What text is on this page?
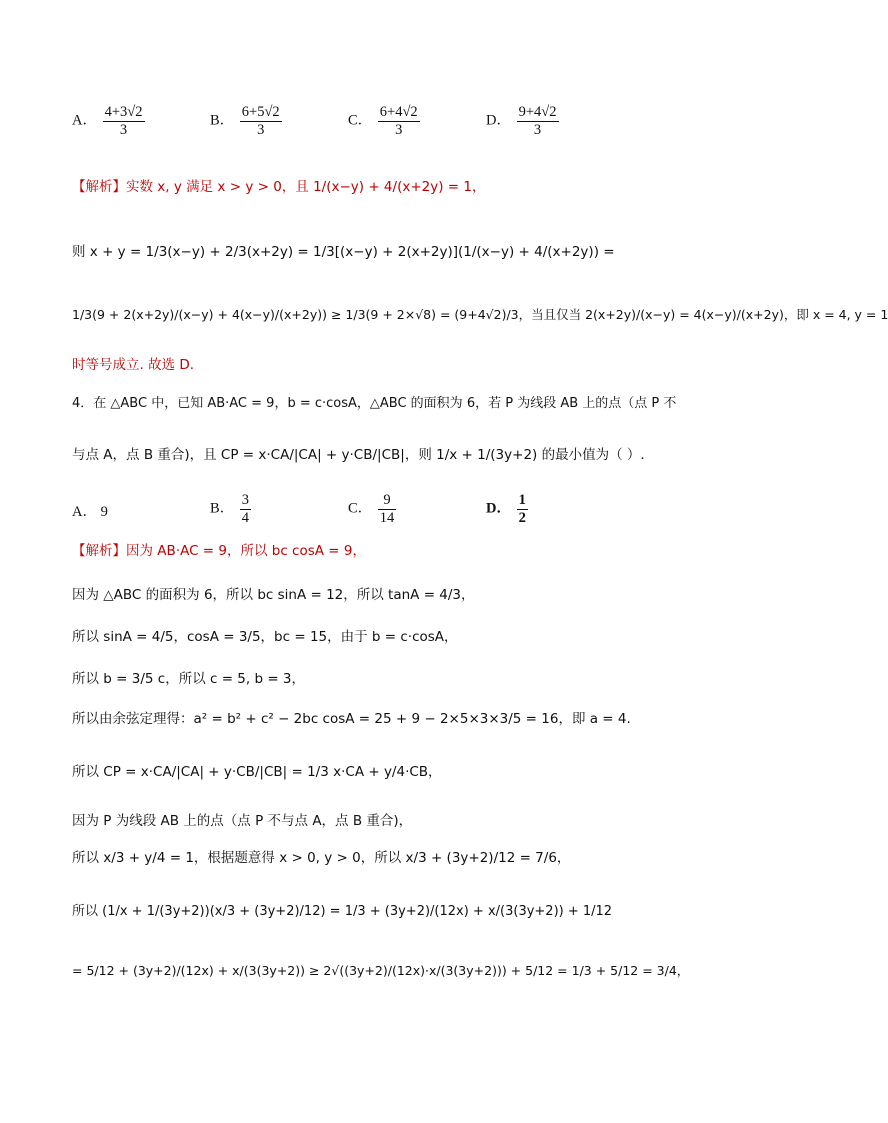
A． $\frac{4+3√2}{3}$	B． $\frac{6+5√2}{3}$	C． $\frac{6+4√2}{3}$	D． $\frac{9+4√2}{3}$
【解析】实数 x, y 满足 x > y > 0，且 1/(x−y) + 4/(x+2y) = 1，
则 x + y = 1/3(x−y) + 2/3(x+2y) = 1/3[(x−y) + 2(x+2y)](1/(x−y) + 4/(x+2y)) =
1/3(9 + 2(x+2y)/(x−y) + 4(x−y)/(x+2y)) ≥ 1/3(9 + 2×√8) = (9+4√2)/3，当且仅当 2(x+2y)/(x−y) = 4(x−y)/(x+2y)，即 x = 4, y = 1
时等号成立. 故选 D.
4．在 △ABC 中，已知 AB·AC = 9，b = c·cosA，△ABC 的面积为 6，若 P 为线段 AB 上的点（点 P 不
与点 A，点 B 重合)，且 CP = x·CA/|CA| + y·CB/|CB|，则 1/x + 1/(3y+2) 的最小值为（ ）.
A． 9	B． $\frac{3}{4}$	C． $\frac{9}{14}$	D． $\frac{1}{2}$
【解析】因为 AB·AC = 9，所以 bc cosA = 9，
因为 △ABC 的面积为 6，所以 bc sinA = 12，所以 tanA = 4/3，
所以 sinA = 4/5，cosA = 3/5，bc = 15，由于 b = c·cosA，
所以 b = 3/5 c，所以 c = 5, b = 3，
所以由余弦定理得：a² = b² + c² − 2bc cosA = 25 + 9 − 2×5×3×3/5 = 16，即 a = 4.
所以 CP = x·CA/|CA| + y·CB/|CB| = 1/3 x·CA + y/4·CB，
因为 P 为线段 AB 上的点（点 P 不与点 A，点 B 重合)，
所以 x/3 + y/4 = 1，根据题意得 x > 0, y > 0，所以 x/3 + (3y+2)/12 = 7/6，
所以 (1/x + 1/(3y+2))(x/3 + (3y+2)/12) = 1/3 + (3y+2)/(12x) + x/(3(3y+2)) + 1/12
= 5/12 + (3y+2)/(12x) + x/(3(3y+2)) ≥ 2√((3y+2)/(12x)·x/(3(3y+2))) + 5/12 = 1/3 + 5/12 = 3/4，
